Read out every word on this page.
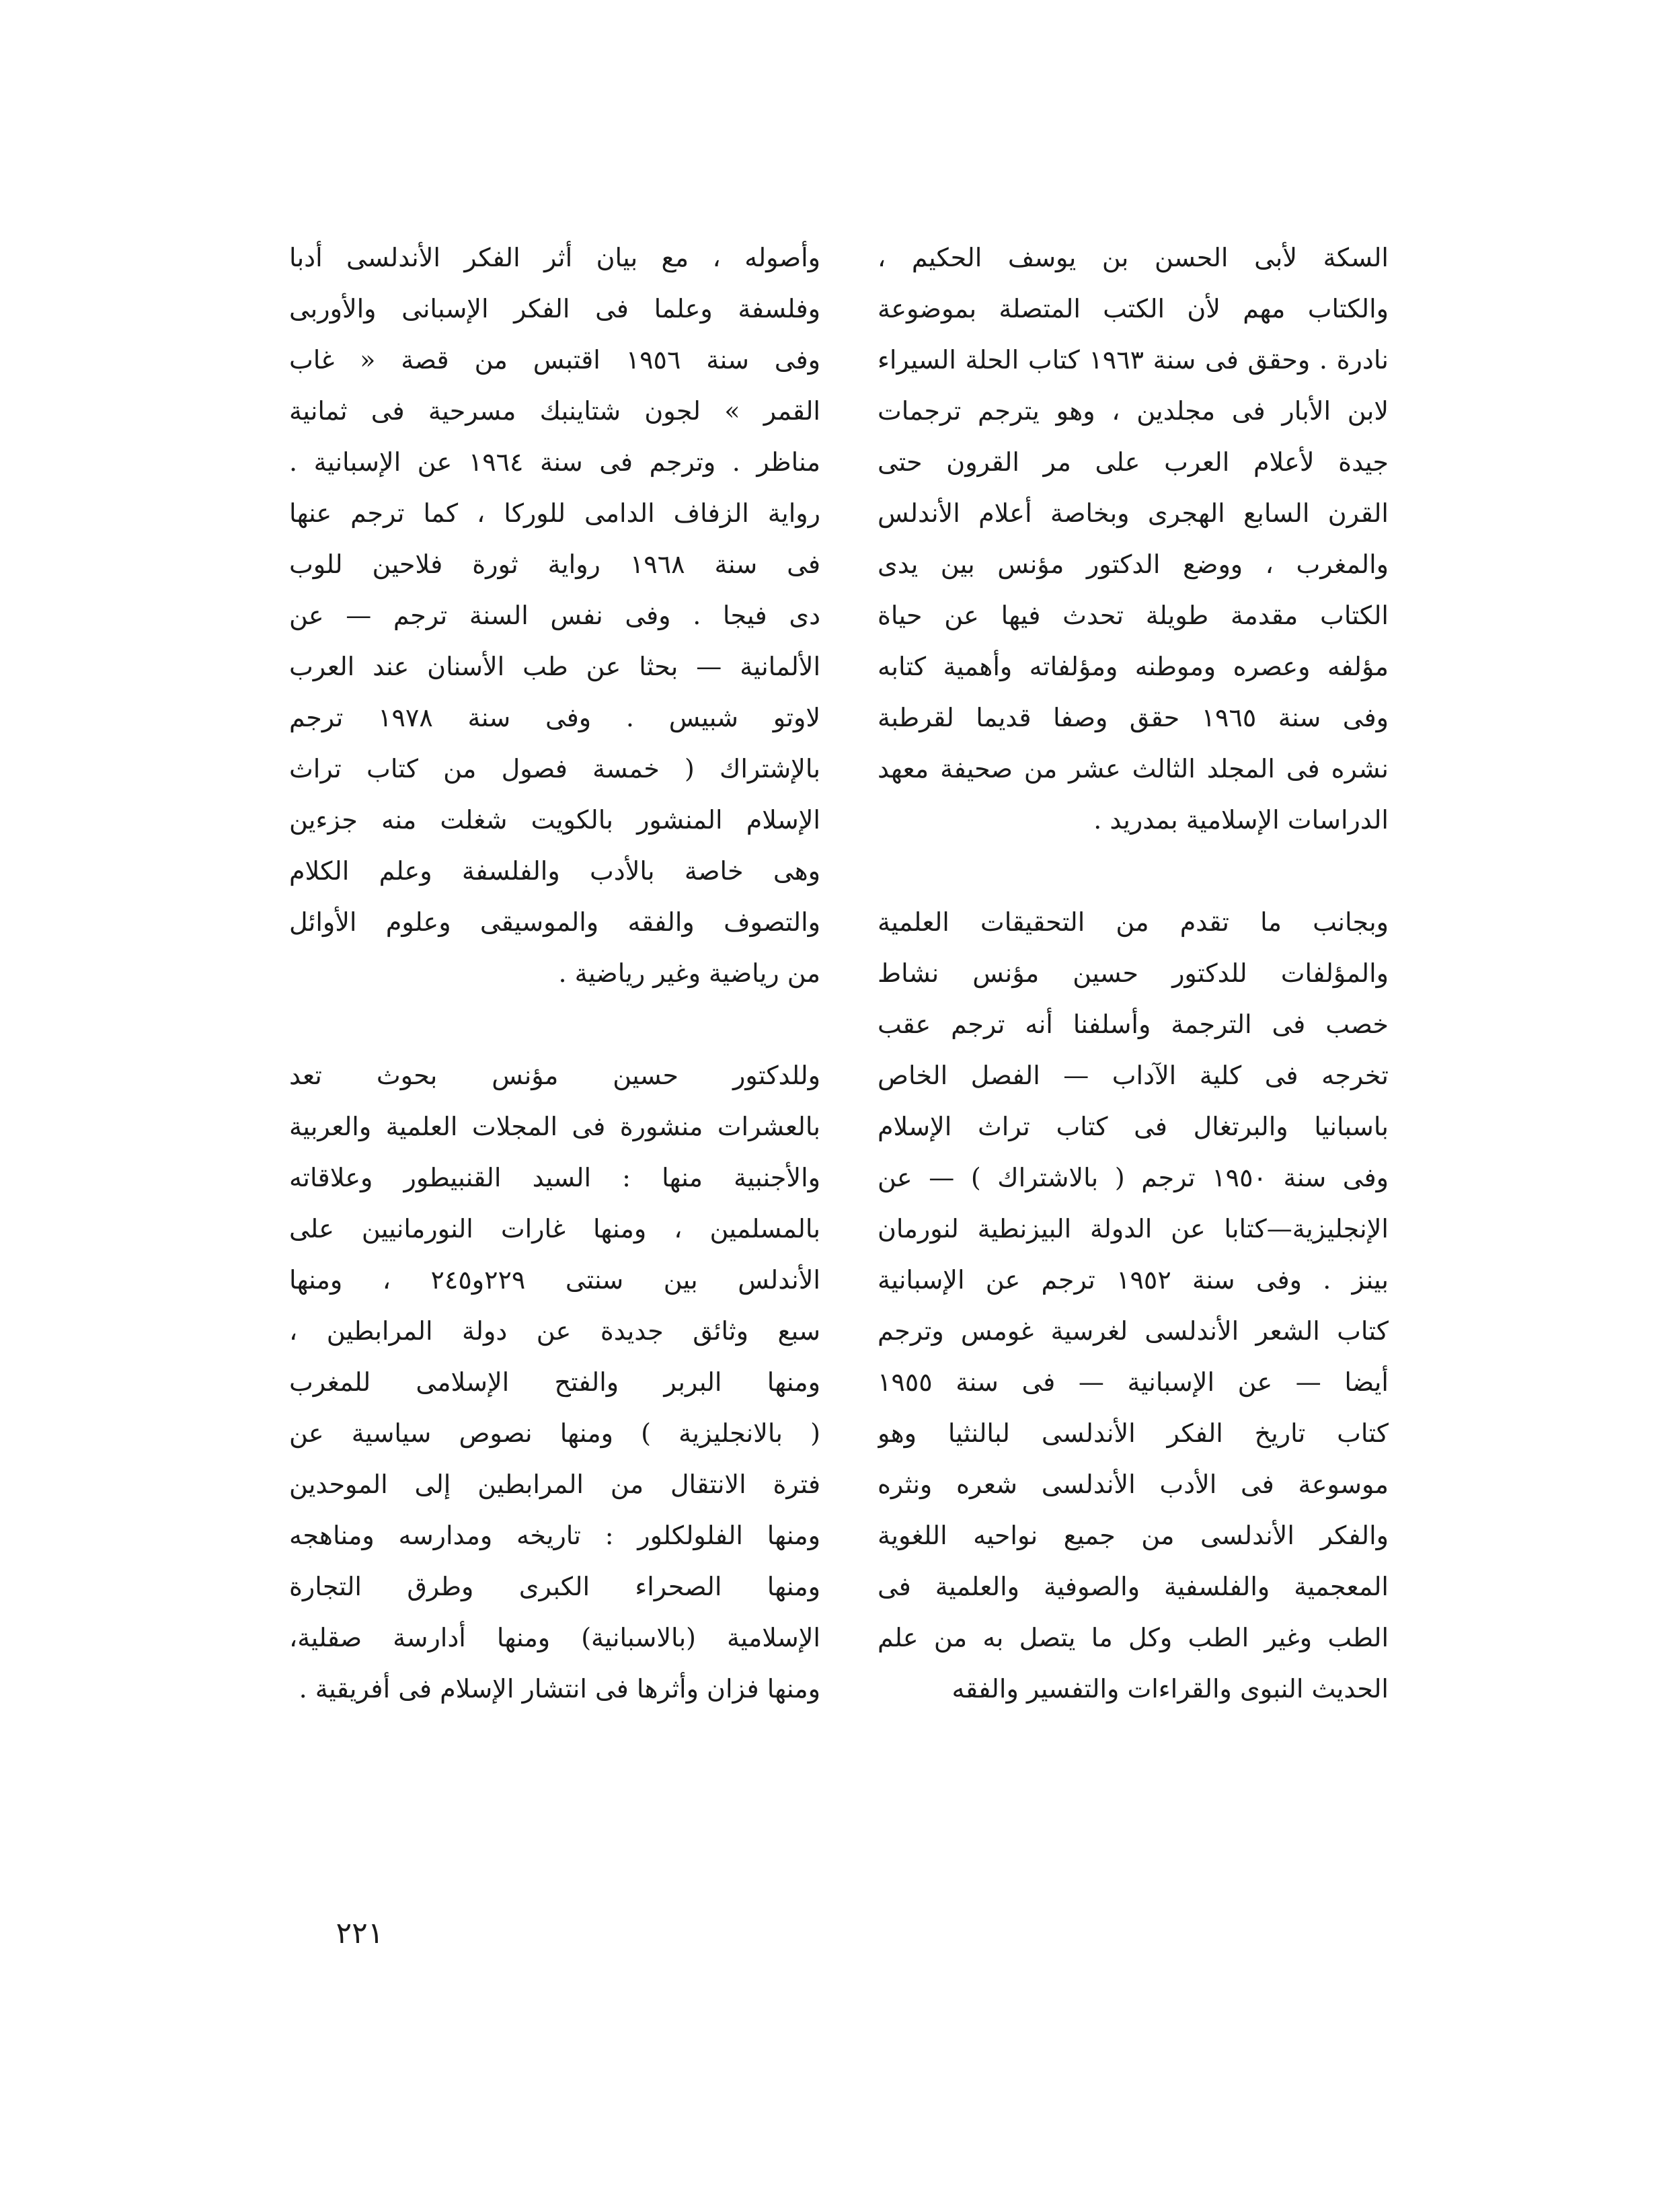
السكة لأبى الحسن بن يوسف الحكيم ،
والكتاب مهم لأن الكتب المتصلة بموضوعة
نادرة . وحقق فى سنة ١٩٦٣ كتاب الحلة السيراء
لابن الأبار فى مجلدين ، وهو يترجم ترجمات
جيدة لأعلام العرب على مر القرون حتى
القرن السابع الهجرى وبخاصة أعلام الأندلس
والمغرب ، ووضع الدكتور مؤنس بين يدى
الكتاب مقدمة طويلة تحدث فيها عن حياة
مؤلفه وعصره وموطنه ومؤلفاته وأهمية كتابه
وفى سنة ١٩٦٥ حقق وصفا قديما لقرطبة
نشره فى المجلد الثالث عشر من صحيفة معهد
الدراسات الإسلامية بمدريد .
وبجانب ما تقدم من التحقيقات العلمية
والمؤلفات للدكتور حسين مؤنس نشاط
خصب فى الترجمة وأسلفنا أنه ترجم عقب
تخرجه فى كلية الآداب — الفصل الخاص
باسبانيا والبرتغال فى كتاب تراث الإسلام
وفى سنة ١٩٥٠ ترجم ( بالاشتراك ) — عن
الإنجليزية—كتابا عن الدولة البيزنطية لنورمان
بينز . وفى سنة ١٩٥٢ ترجم عن الإسبانية
كتاب الشعر الأندلسى لغرسية غومس وترجم
أيضا — عن الإسبانية — فى سنة ١٩٥٥
كتاب تاريخ الفكر الأندلسى لبالنثيا وهو
موسوعة فى الأدب الأندلسى شعره ونثره
والفكر الأندلسى من جميع نواحيه اللغوية
المعجمية والفلسفية والصوفية والعلمية فى
الطب وغير الطب وكل ما يتصل به من علم
الحديث النبوى والقراءات والتفسير والفقه
وأصوله ، مع بيان أثر الفكر الأندلسى أدبا
وفلسفة وعلما فى الفكر الإسبانى والأوربى
وفى سنة ١٩٥٦ اقتبس من قصة « غاب
القمر » لجون شتاينبك مسرحية فى ثمانية
مناظر . وترجم فى سنة ١٩٦٤ عن الإسبانية .
رواية الزفاف الدامى للوركا ، كما ترجم عنها
فى سنة ١٩٦٨ رواية ثورة فلاحين للوب
دى فيجا . وفى نفس السنة ترجم — عن
الألمانية — بحثا عن طب الأسنان عند العرب
لاوتو شبيس . وفى سنة ١٩٧٨ ترجم
بالإشتراك ( خمسة فصول من كتاب تراث
الإسلام المنشور بالكويت شغلت منه جزءين
وهى خاصة بالأدب والفلسفة وعلم الكلام
والتصوف والفقه والموسيقى وعلوم الأوائل
من رياضية وغير رياضية .
وللدكتور حسين مؤنس بحوث تعد
بالعشرات منشورة فى المجلات العلمية والعربية
والأجنبية منها : السيد القنبيطور وعلاقاته
بالمسلمين ، ومنها غارات النورمانيين على
الأندلس بين سنتى ٢٢٩و٢٤٥ ، ومنها
سبع وثائق جديدة عن دولة المرابطين ،
ومنها البربر والفتح الإسلامى للمغرب
( بالانجليزية ) ومنها نصوص سياسية عن
فترة الانتقال من المرابطين إلى الموحدين
ومنها الفلولكلور : تاريخه ومدارسه ومناهجه
ومنها الصحراء الكبرى وطرق التجارة
الإسلامية (بالاسبانية) ومنها أدارسة صقلية،
ومنها فزان وأثرها فى انتشار الإسلام فى أفريقية .
٢٢١
